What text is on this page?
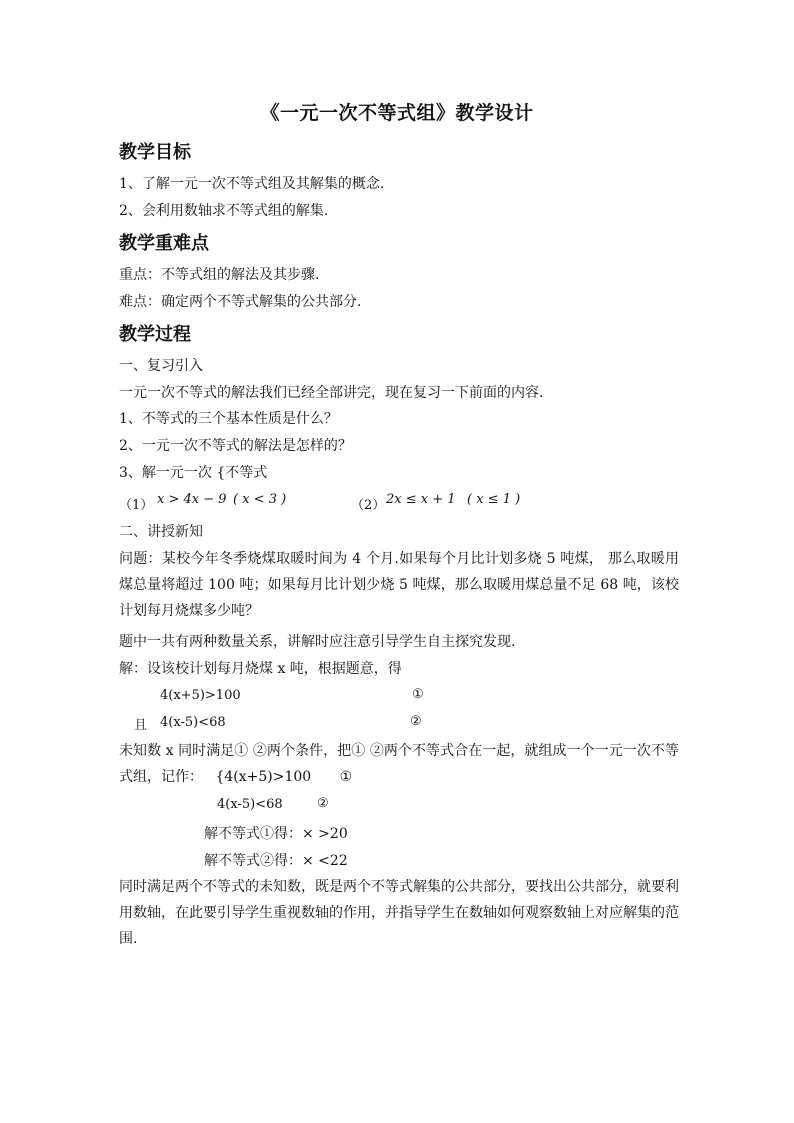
《一元一次不等式组》教学设计
教学目标
1、了解一元一次不等式组及其解集的概念.
2、会利用数轴求不等式组的解集.
教学重难点
重点：不等式组的解法及其步骤.
难点：确定两个不等式解集的公共部分.
教学过程
一、复习引入
一元一次不等式的解法我们已经全部讲完，现在复习一下前面的内容.
1、不等式的三个基本性质是什么？
2、一元一次不等式的解法是怎样的？
3、解一元一次 {不等式
（1） x > 4x − 9 ( x < 3 )	（2） 2x ≤ x + 1 ( x ≤ 1 )
二、讲授新知
问题：某校今年冬季烧煤取暖时间为 4 个月.如果每个月比计划多烧 5 吨煤， 那么取暖用煤总量将超过 100 吨；如果每月比计划少烧 5 吨煤，那么取暖用煤总量不足 68 吨，该校计划每月烧煤多少吨？
题中一共有两种数量关系，讲解时应注意引导学生自主探究发现.
解：设该校计划每月烧煤 x 吨，根据题意，得
4(x+5)>100	①
且 4(x-5)<68	②
未知数 x 同时满足① ②两个条件，把① ②两个不等式合在一起，就组成一个一元一次不等式组，记作： {4(x+5)>100 ①
4(x-5)<68	②
解不等式①得：× >20
解不等式②得：× <22
同时满足两个不等式的未知数，既是两个不等式解集的公共部分，要找出公共部分，就要利用数轴，在此要引导学生重视数轴的作用，并指导学生在数轴如何观察数轴上对应解集的范围.
